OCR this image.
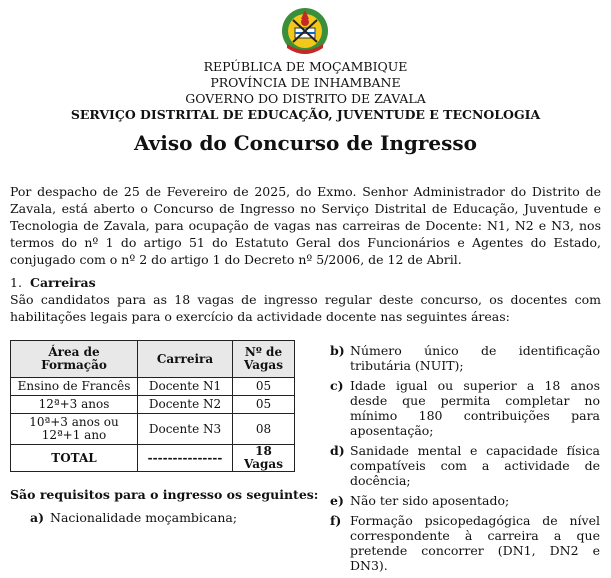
REPÚBLICA DE MOÇAMBIQUE
PROVÍNCIA DE INHAMBANE
GOVERNO DO DISTRITO DE ZAVALA
SERVIÇO DISTRITAL DE EDUCAÇÃO, JUVENTUDE E TECNOLOGIA
Aviso do Concurso de Ingresso
Por despacho de 25 de Fevereiro de 2025, do Exmo. Senhor Administrador do Distrito de Zavala, está aberto o Concurso de Ingresso no Serviço Distrital de Educação, Juventude e Tecnologia de Zavala, para ocupação de vagas nas carreiras de Docente: N1, N2 e N3, nos termos do nº 1 do artigo 51 do Estatuto Geral dos Funcionários e Agentes do Estado, conjugado com o nº 2 do artigo 1 do Decreto nº 5/2006, de 12 de Abril.
1. Carreiras
São candidatos para as 18 vagas de ingresso regular deste concurso, os docentes com habilitações legais para o exercício da actividade docente nas seguintes áreas:
Área de Formação	Carreira	Nº de Vagas
Ensino de Francês	Docente N1	05
12ª+3 anos	Docente N2	05
10ª+3 anos ou 12ª+1 ano	Docente N3	08
TOTAL	---------------	18 Vagas
São requisitos para o ingresso os seguintes:
a) Nacionalidade moçambicana;
b) Número único de identificação tributária (NUIT);
c) Idade igual ou superior a 18 anos desde que permita completar no mínimo 180 contribuições para aposentação;
d) Sanidade mental e capacidade física compatíveis com a actividade de docência;
e) Não ter sido aposentado;
f) Formação psicopedagógica de nível correspondente à carreira a que pretende concorrer (DN1, DN2 e DN3).
